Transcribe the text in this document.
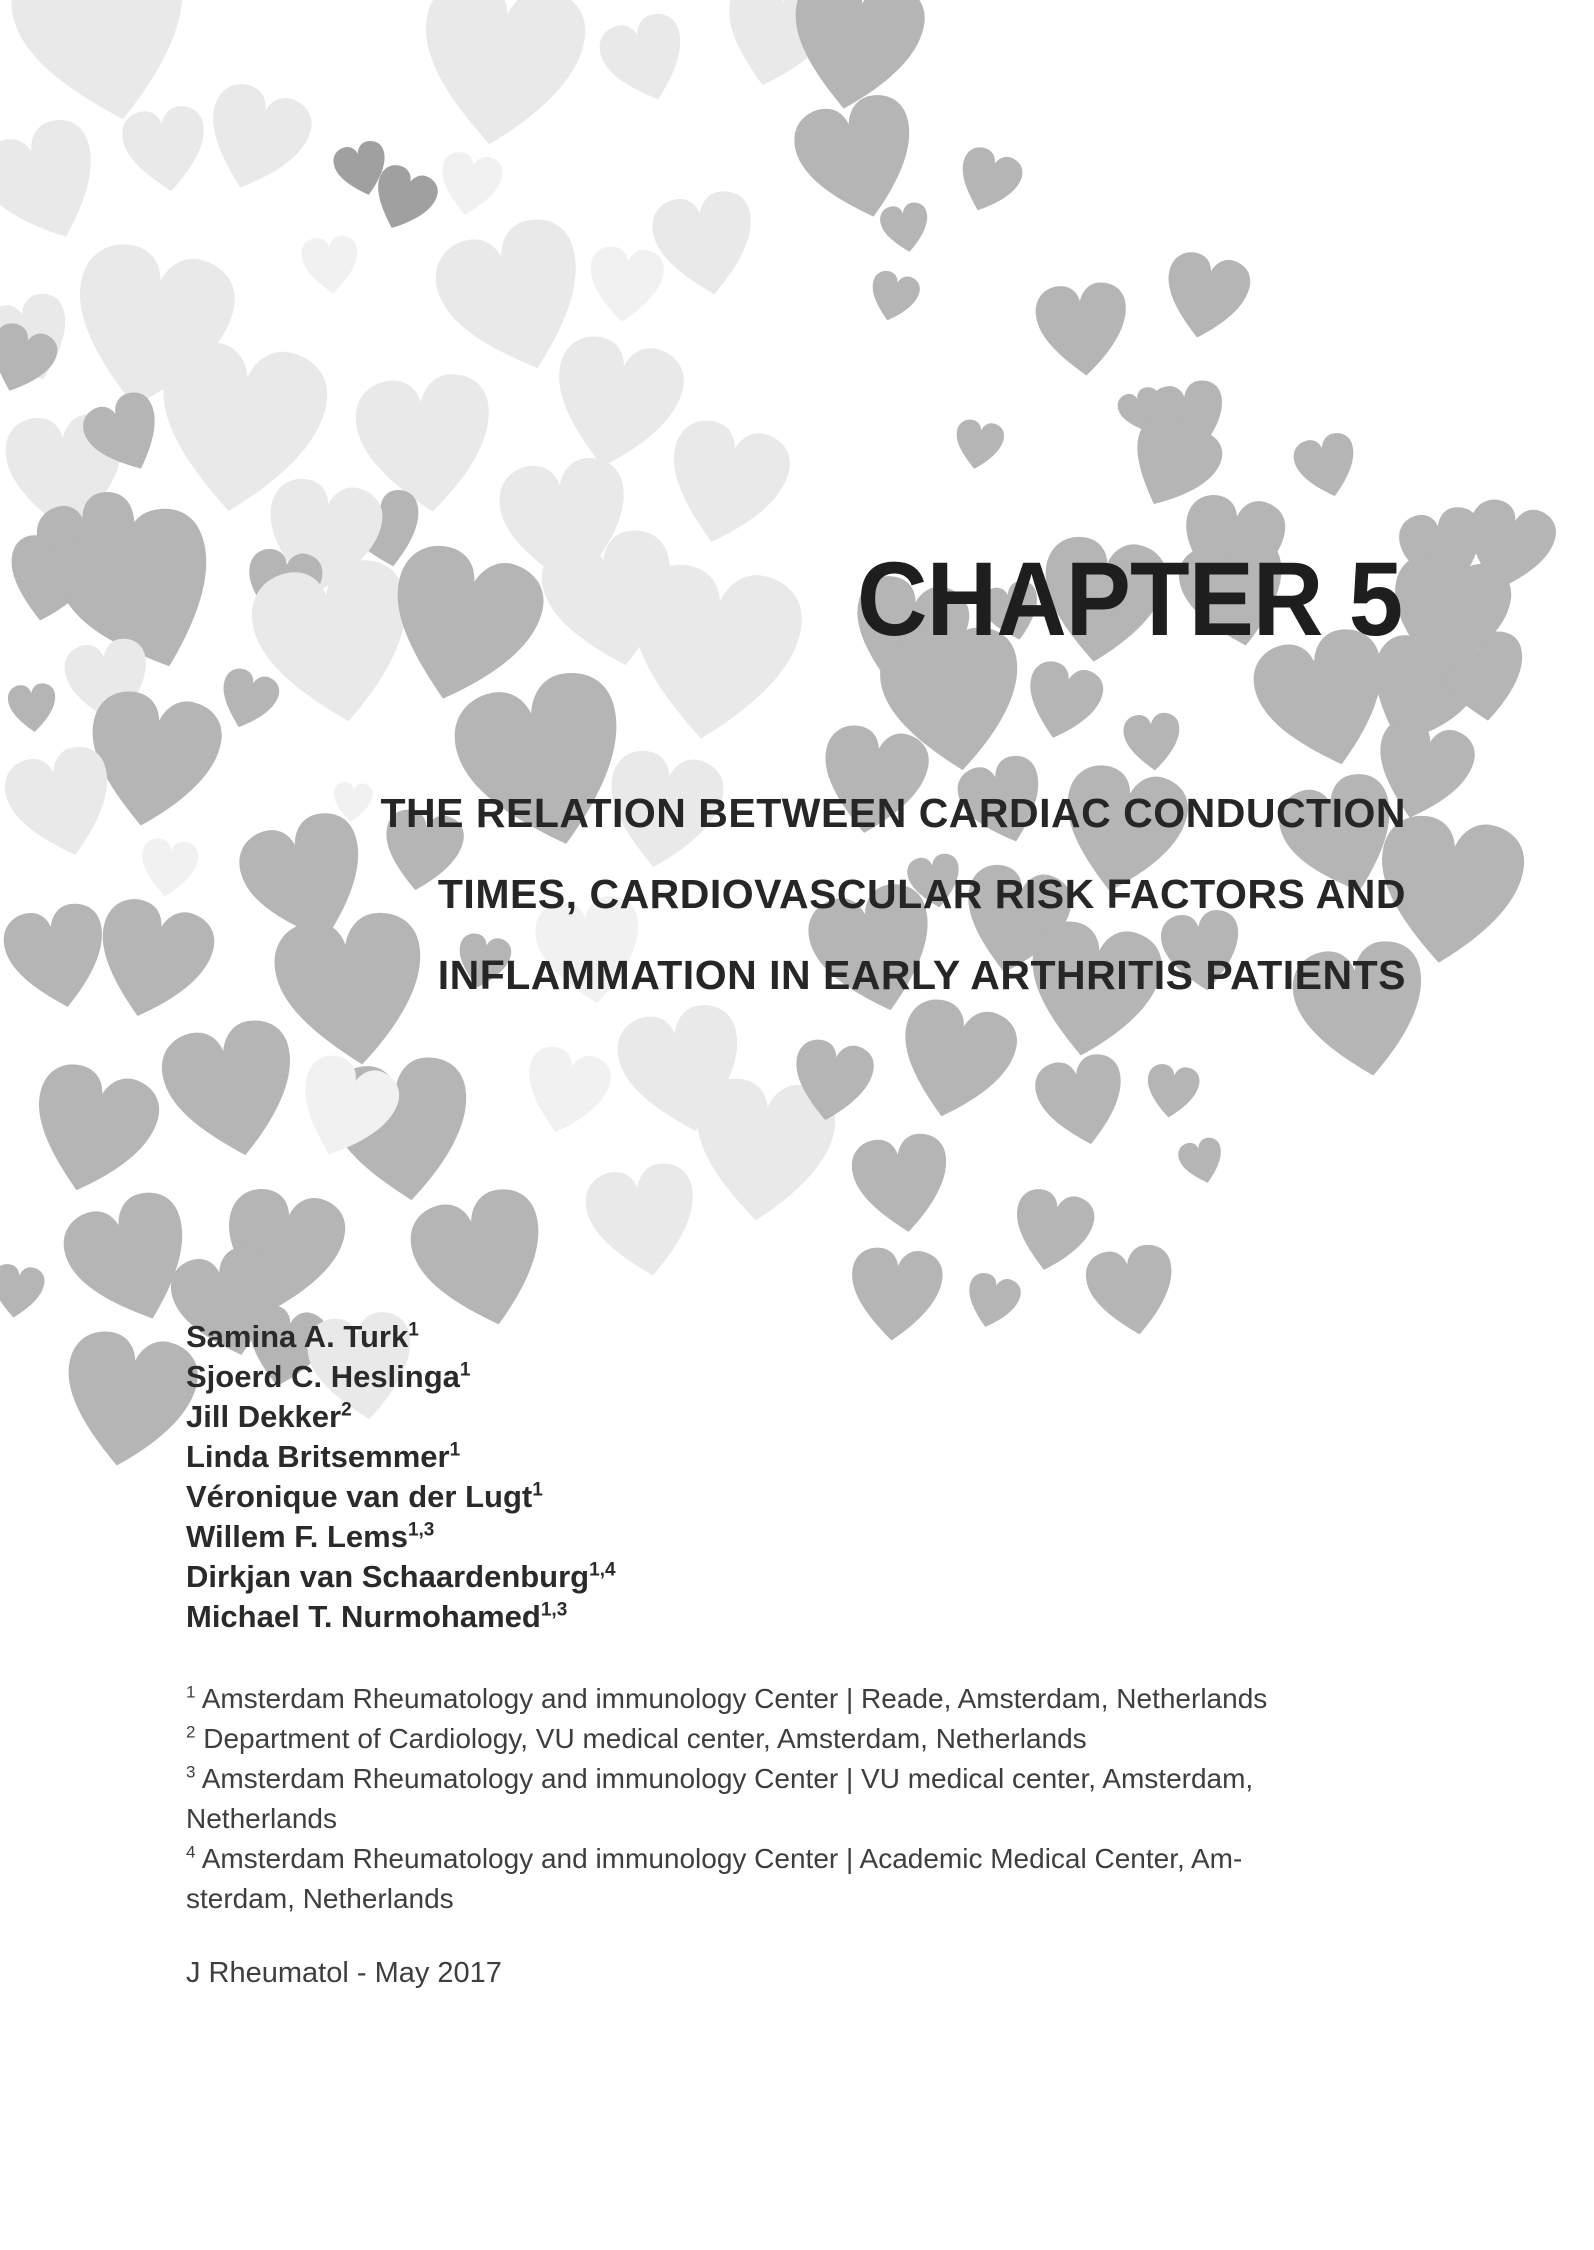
CHAPTER 5
THE RELATION BETWEEN CARDIAC CONDUCTION
TIMES, CARDIOVASCULAR RISK FACTORS AND
INFLAMMATION IN EARLY ARTHRITIS PATIENTS
Samina A. Turk$^1$
Sjoerd C. Heslinga$^1$
Jill Dekker$^2$
Linda Britsemmer$^1$
Véronique van der Lugt$^1$
Willem F. Lems$^{1,3}$
Dirkjan van Schaardenburg$^{1,4}$
Michael T. Nurmohamed$^{1,3}$
$^1$ Amsterdam Rheumatology and immunology Center | Reade, Amsterdam, Netherlands
$^2$ Department of Cardiology, VU medical center, Amsterdam, Netherlands
$^3$ Amsterdam Rheumatology and immunology Center | VU medical center, Amsterdam,
Netherlands
$^4$ Amsterdam Rheumatology and immunology Center | Academic Medical Center, Am-
sterdam, Netherlands
J Rheumatol - May 2017
